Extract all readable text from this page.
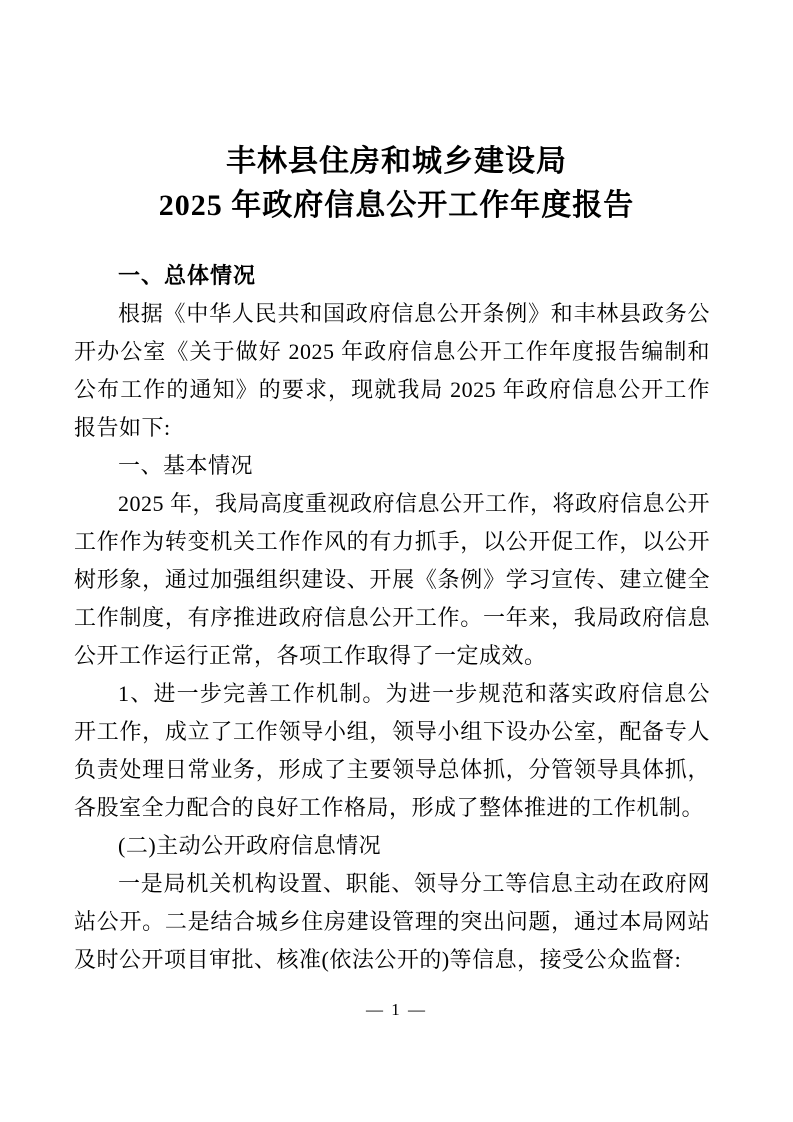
丰林县住房和城乡建设局
2025 年政府信息公开工作年度报告
一、总体情况

根据《中华人民共和国政府信息公开条例》和丰林县政务公开办公室《关于做好 2025 年政府信息公开工作年度报告编制和公布工作的通知》的要求，现就我局 2025 年政府信息公开工作报告如下:

一、基本情况

2025 年，我局高度重视政府信息公开工作，将政府信息公开工作作为转变机关工作作风的有力抓手，以公开促工作，以公开树形象，通过加强组织建设、开展《条例》学习宣传、建立健全工作制度，有序推进政府信息公开工作。一年来，我局政府信息公开工作运行正常，各项工作取得了一定成效。

1、进一步完善工作机制。为进一步规范和落实政府信息公开工作，成立了工作领导小组，领导小组下设办公室，配备专人负责处理日常业务，形成了主要领导总体抓，分管领导具体抓，各股室全力配合的良好工作格局，形成了整体推进的工作机制。

(二)主动公开政府信息情况

一是局机关机构设置、职能、领导分工等信息主动在政府网站公开。二是结合城乡住房建设管理的突出问题，通过本局网站及时公开项目审批、核准(依法公开的)等信息，接受公众监督:

— 1 —
